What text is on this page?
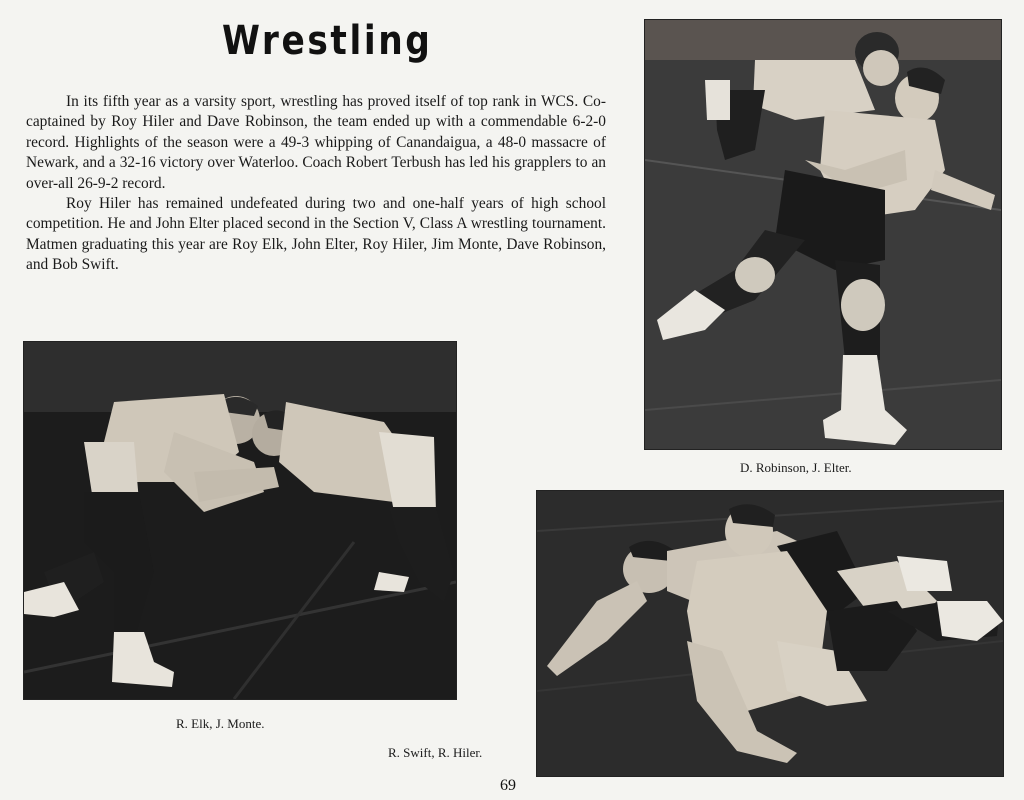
Wrestling

In its fifth year as a varsity sport, wrestling has proved itself of top rank in WCS. Co-captained by Roy Hiler and Dave Robinson, the team ended up with a commendable 6-2-0 record. Highlights of the season were a 49-3 whipping of Canandaigua, a 48-0 massacre of Newark, and a 32-16 victory over Waterloo. Coach Robert Terbush has led his grapplers to an over-all 26-9-2 record.

Roy Hiler has remained undefeated during two and one-half years of high school competition. He and John Elter placed second in the Section V, Class A wrestling tournament. Matmen graduating this year are Roy Elk, John Elter, Roy Hiler, Jim Monte, Dave Robinson, and Bob Swift.

D. Robinson, J. Elter.
R. Elk, J. Monte.
R. Swift, R. Hiler.
69
